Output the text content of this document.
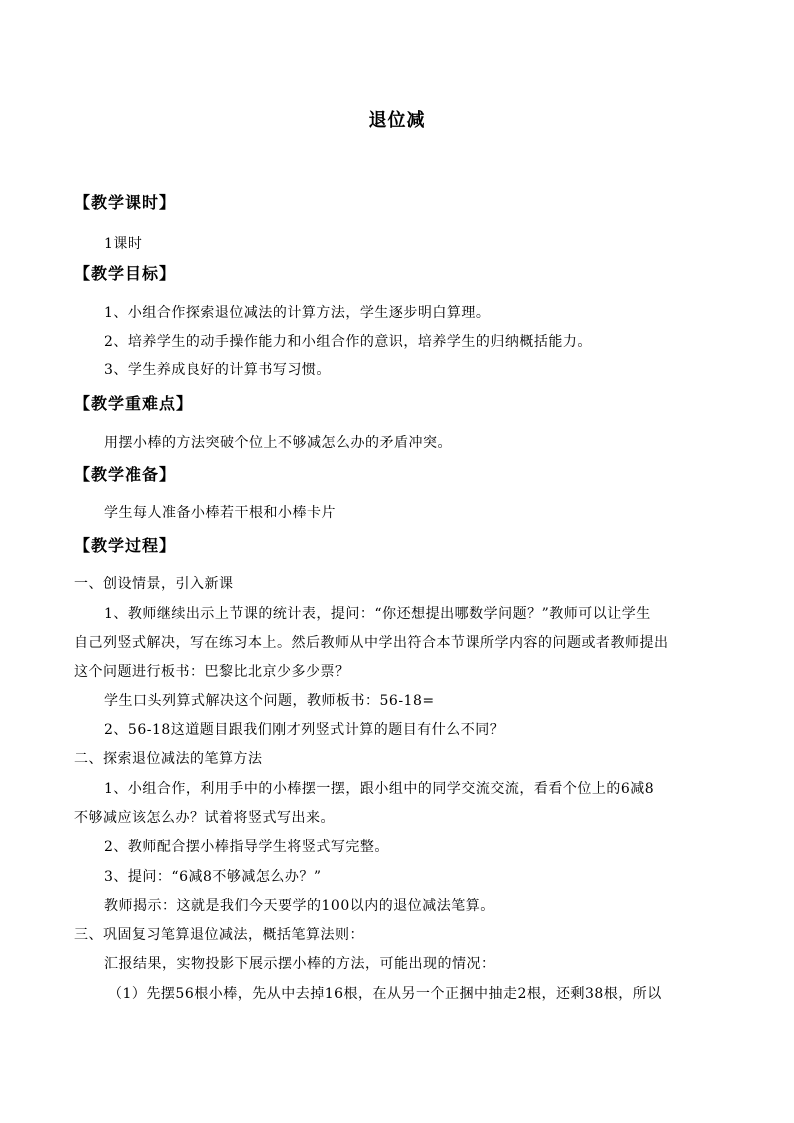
退位减
【教学课时】
1课时
【教学目标】
1、小组合作探索退位减法的计算方法，学生逐步明白算理。
2、培养学生的动手操作能力和小组合作的意识，培养学生的归纳概括能力。
3、学生养成良好的计算书写习惯。
【教学重难点】
用摆小棒的方法突破个位上不够减怎么办的矛盾冲突。
【教学准备】
学生每人准备小棒若干根和小棒卡片
【教学过程】
一、创设情景，引入新课
1、教师继续出示上节课的统计表，提问：“你还想提出哪数学问题？”教师可以让学生
自己列竖式解决，写在练习本上。然后教师从中学出符合本节课所学内容的问题或者教师提出
这个问题进行板书：巴黎比北京少多少票？
学生口头列算式解决这个问题，教师板书：56-18=
2、56-18这道题目跟我们刚才列竖式计算的题目有什么不同？
二、探索退位减法的笔算方法
1、小组合作，利用手中的小棒摆一摆，跟小组中的同学交流交流，看看个位上的6减8
不够减应该怎么办？试着将竖式写出来。
2、教师配合摆小棒指导学生将竖式写完整。
3、提问：“6减8不够减怎么办？”
教师揭示：这就是我们今天要学的100以内的退位减法笔算。
三、巩固复习笔算退位减法，概括笔算法则：
汇报结果，实物投影下展示摆小棒的方法，可能出现的情况：
（1）先摆56根小棒，先从中去掉16根，在从另一个正捆中抽走2根，还剩38根，所以
